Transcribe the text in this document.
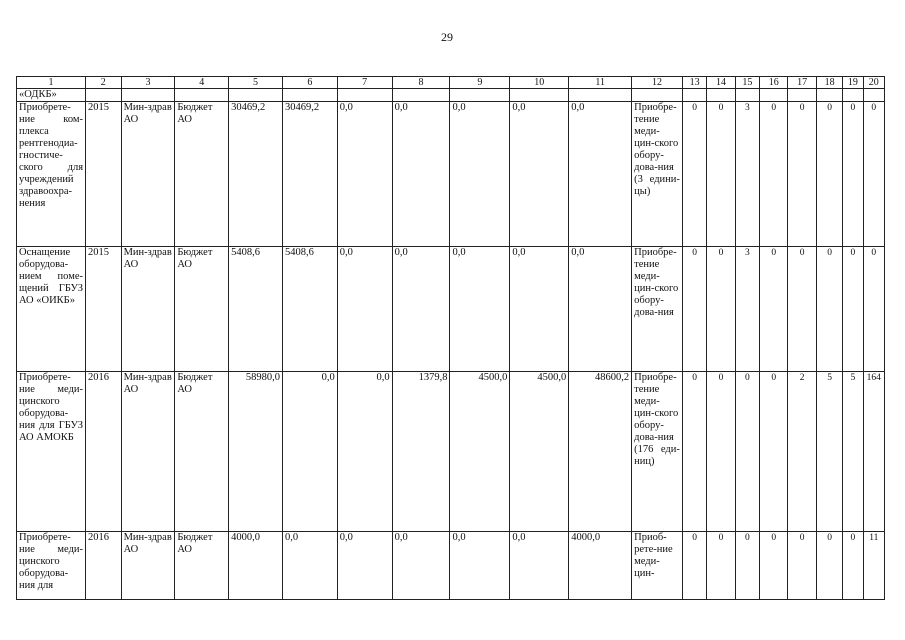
29
1	2	3	4	5	6	7	8	9	10	11	12	13	14	15	16	17	18	19	20
«ОДКБ»																			
Приобрете-ние ком-плекса рентгенодиа-гностиче-ского для учреждений здравоохра-нения	2015	Мин-здрав АО	Бюджет АО	30469,2	30469,2	0,0	0,0	0,0	0,0	0,0	Приобре-тение меди-цин-ского обору-дова-ния (3 едини-цы)	0	0	3	0	0	0	0	0
Оснащение оборудова-нием поме-щений ГБУЗ АО «ОИКБ»	2015	Мин-здрав АО	Бюджет АО	5408,6	5408,6	0,0	0,0	0,0	0,0	0,0	Приобре-тение меди-цин-ского обору-дова-ния	0	0	3	0	0	0	0	0
Приобрете-ние меди-цинского оборудова-ния для ГБУЗ АО АМОКБ	2016	Мин-здрав АО	Бюджет АО	58980,0	0,0	0,0	1379,8	4500,0	4500,0	48600,2	Приобре-тение меди-цин-ского обору-дова-ния (176 еди-ниц)	0	0	0	0	2	5	5	164
Приобрете-ние меди-цинского оборудова-ния для	2016	Мин-здрав АО	Бюджет АО	4000,0	0,0	0,0	0,0	0,0	0,0	4000,0	Приоб-рете-ние меди-цин-	0	0	0	0	0	0	0	11
